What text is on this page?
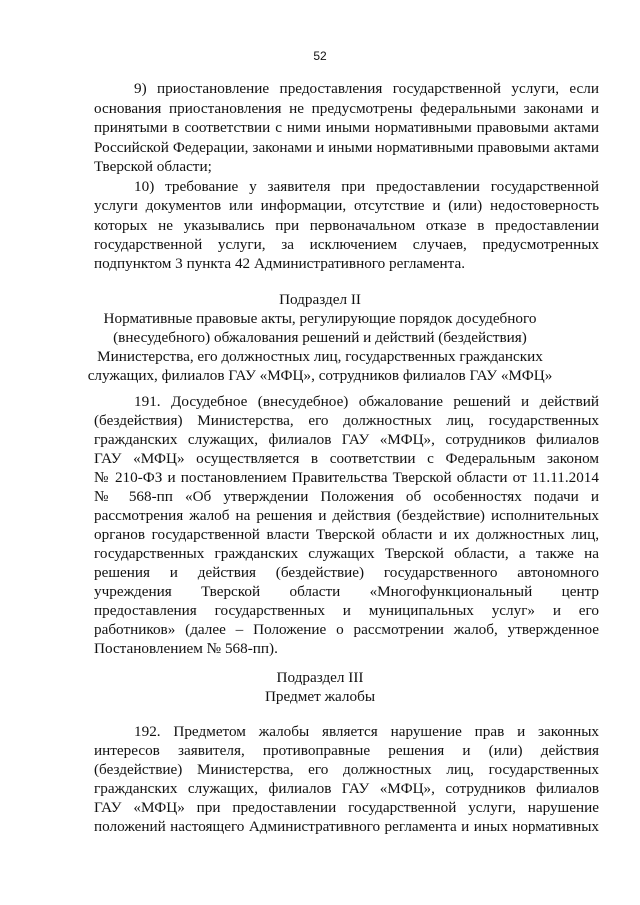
52
9) приостановление предоставления государственной услуги, если
основания приостановления не предусмотрены федеральными законами и
принятыми в соответствии с ними иными нормативными правовыми актами
Российской Федерации, законами и иными нормативными правовыми актами
Тверской области;
10) требование у заявителя при предоставлении государственной
услуги документов или информации, отсутствие и (или) недостоверность
которых не указывались при первоначальном отказе в предоставлении
государственной услуги, за исключением случаев, предусмотренных
подпунктом 3 пункта 42 Административного регламента.
Подраздел II
Нормативные правовые акты, регулирующие порядок досудебного
(внесудебного) обжалования решений и действий (бездействия)
Министерства, его должностных лиц, государственных гражданских
служащих, филиалов ГАУ «МФЦ», сотрудников филиалов ГАУ «МФЦ»
191. Досудебное (внесудебное) обжалование решений и действий
(бездействия) Министерства, его должностных лиц, государственных
гражданских служащих, филиалов ГАУ «МФЦ», сотрудников филиалов
ГАУ «МФЦ» осуществляется в соответствии с Федеральным законом
№ 210-ФЗ и постановлением Правительства Тверской области от 11.11.2014
№ 568-пп «Об утверждении Положения об особенностях подачи и
рассмотрения жалоб на решения и действия (бездействие) исполнительных
органов государственной власти Тверской области и их должностных лиц,
государственных гражданских служащих Тверской области, а также на
решения и действия (бездействие) государственного автономного
учреждения Тверской области «Многофункциональный центр
предоставления государственных и муниципальных услуг» и его
работников» (далее – Положение о рассмотрении жалоб, утвержденное
Постановлением № 568-пп).
Подраздел III
Предмет жалобы
192. Предметом жалобы является нарушение прав и законных
интересов заявителя, противоправные решения и (или) действия
(бездействие) Министерства, его должностных лиц, государственных
гражданских служащих, филиалов ГАУ «МФЦ», сотрудников филиалов
ГАУ «МФЦ» при предоставлении государственной услуги, нарушение
положений настоящего Административного регламента и иных нормативных
